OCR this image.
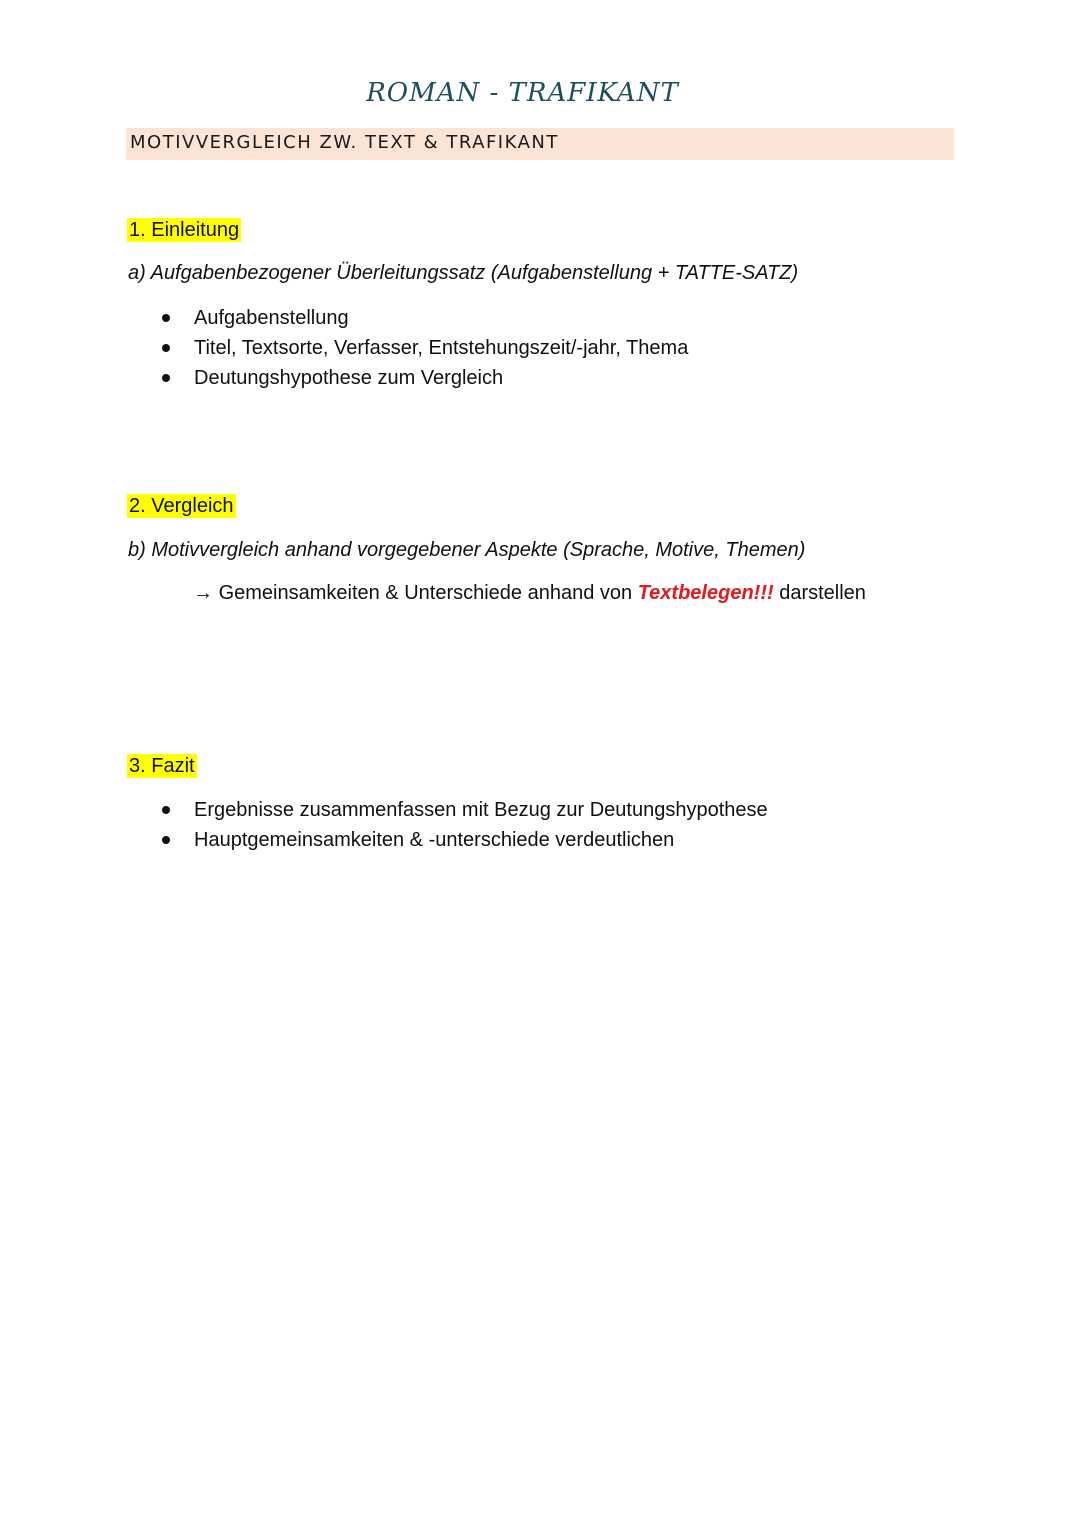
ROMAN - TRAFIKANT
MOTIVVERGLEICH ZW. TEXT & TRAFIKANT
1. Einleitung
a) Aufgabenbezogener Überleitungssatz (Aufgabenstellung + TATTE-SATZ)
Aufgabenstellung
Titel, Textsorte, Verfasser, Entstehungszeit/-jahr, Thema
Deutungshypothese zum Vergleich
2. Vergleich
b) Motivvergleich anhand vorgegebener Aspekte (Sprache, Motive, Themen)
→ Gemeinsamkeiten & Unterschiede anhand von Textbelegen!!! darstellen
3. Fazit
Ergebnisse zusammenfassen mit Bezug zur Deutungshypothese
Hauptgemeinsamkeiten & -unterschiede verdeutlichen
